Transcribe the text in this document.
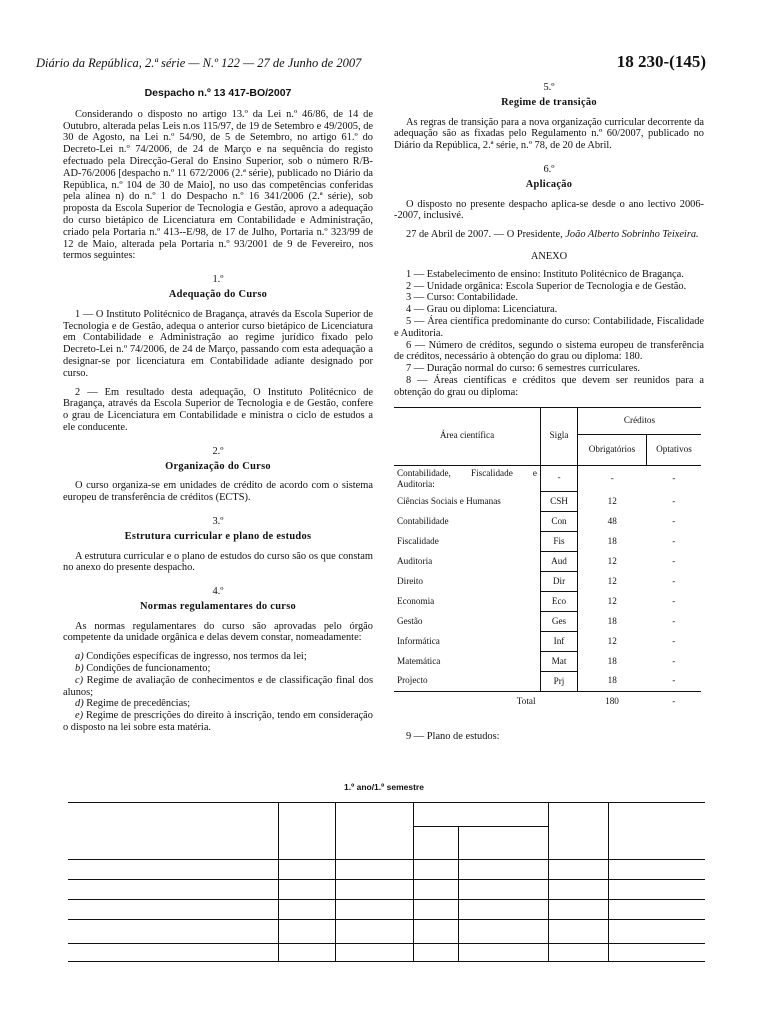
Diário da República, 2.ª série — N.º 122 — 27 de Junho de 2007	18 230-(145)
Despacho n.º 13 417-BO/2007

Considerando o disposto no artigo 13.º da Lei n.º 46/86, de 14 de Outubro, alterada pelas Leis n.os 115/97, de 19 de Setembro e 49/2005, de 30 de Agosto, na Lei n.º 54/90, de 5 de Setembro, no artigo 61.º do Decreto-Lei n.º 74/2006, de 24 de Março e na sequência do registo efectuado pela Direcção-Geral do Ensino Superior, sob o número R/B-AD-76/2006 [despacho n.º 11 672/2006 (2.ª série), publicado no Diário da República, n.º 104 de 30 de Maio], no uso das competências conferidas pela alínea n) do n.º 1 do Despacho n.º 16 341/2006 (2.ª série), sob proposta da Escola Superior de Tecnologia e Gestão, aprovo a adequação do curso bietápico de Licenciatura em Contabilidade e Administração, criado pela Portaria n.º 413--E/98, de 17 de Julho, Portaria n.º 323/99 de 12 de Maio, alterada pela Portaria n.º 93/2001 de 9 de Fevereiro, nos termos seguintes:

1.º
Adequação do Curso

1 — O Instituto Politécnico de Bragança, através da Escola Superior de Tecnologia e de Gestão, adequa o anterior curso bietápico de Licenciatura em Contabilidade e Administração ao regime jurídico fixado pelo Decreto-Lei n.º 74/2006, de 24 de Março, passando com esta adequação a designar-se por licenciatura em Contabilidade adiante designado por curso.

2 — Em resultado desta adequação, O Instituto Politécnico de Bragança, através da Escola Superior de Tecnologia e de Gestão, confere o grau de Licenciatura em Contabilidade e ministra o ciclo de estudos a ele conducente.

2.º
Organização do Curso

O curso organiza-se em unidades de crédito de acordo com o sistema europeu de transferência de créditos (ECTS).

3.º
Estrutura curricular e plano de estudos

A estrutura curricular e o plano de estudos do curso são os que constam no anexo do presente despacho.

4.º
Normas regulamentares do curso

As normas regulamentares do curso são aprovadas pelo órgão competente da unidade orgânica e delas devem constar, nomeadamente:

a) Condições específicas de ingresso, nos termos da lei;

b) Condições de funcionamento;

c) Regime de avaliação de conhecimentos e de classificação final dos alunos;

d) Regime de precedências;

e) Regime de prescrições do direito à inscrição, tendo em consideração o disposto na lei sobre esta matéria.

5.º
Regime de transição

As regras de transição para a nova organização curricular decorrente da adequação são as fixadas pelo Regulamento n.º 60/2007, publicado no Diário da República, 2.ª série, n.º 78, de 20 de Abril.

6.º
Aplicação

O disposto no presente despacho aplica-se desde o ano lectivo 2006--2007, inclusivé.

27 de Abril de 2007. — O Presidente, João Alberto Sobrinho Teixeira.

ANEXO

1 — Estabelecimento de ensino: Instituto Politécnico de Bragança.

2 — Unidade orgânica: Escola Superior de Tecnologia e de Gestão.

3 — Curso: Contabilidade.

4 — Grau ou diploma: Licenciatura.

5 — Área científica predominante do curso: Contabilidade, Fiscalidade e Auditoria.

6 — Número de créditos, segundo o sistema europeu de transferência de créditos, necessário à obtenção do grau ou diploma: 180.

7 — Duração normal do curso: 6 semestres curriculares.

8 — Áreas científicas e créditos que devem ser reunidos para a obtenção do grau ou diploma:

Área científica	Sigla	Créditos	
		Obrigatórios	Optativos
Contabilidade, Fiscalidade e Auditoria:	-	-	-
Ciências Sociais e Humanas	CSH	12	-
Contabilidade	Con	48	-
Fiscalidade	Fis	18	-
Auditoria	Aud	12	-
Direito	Dir	12	-
Economia	Eco	12	-
Gestão	Ges	18	-
Informática	Inf	12	-
Matemática	Mat	18	-
Projecto	Prj	18	-
Total		180	-

9 — Plano de estudos:

1.º ano/1.º semestre
